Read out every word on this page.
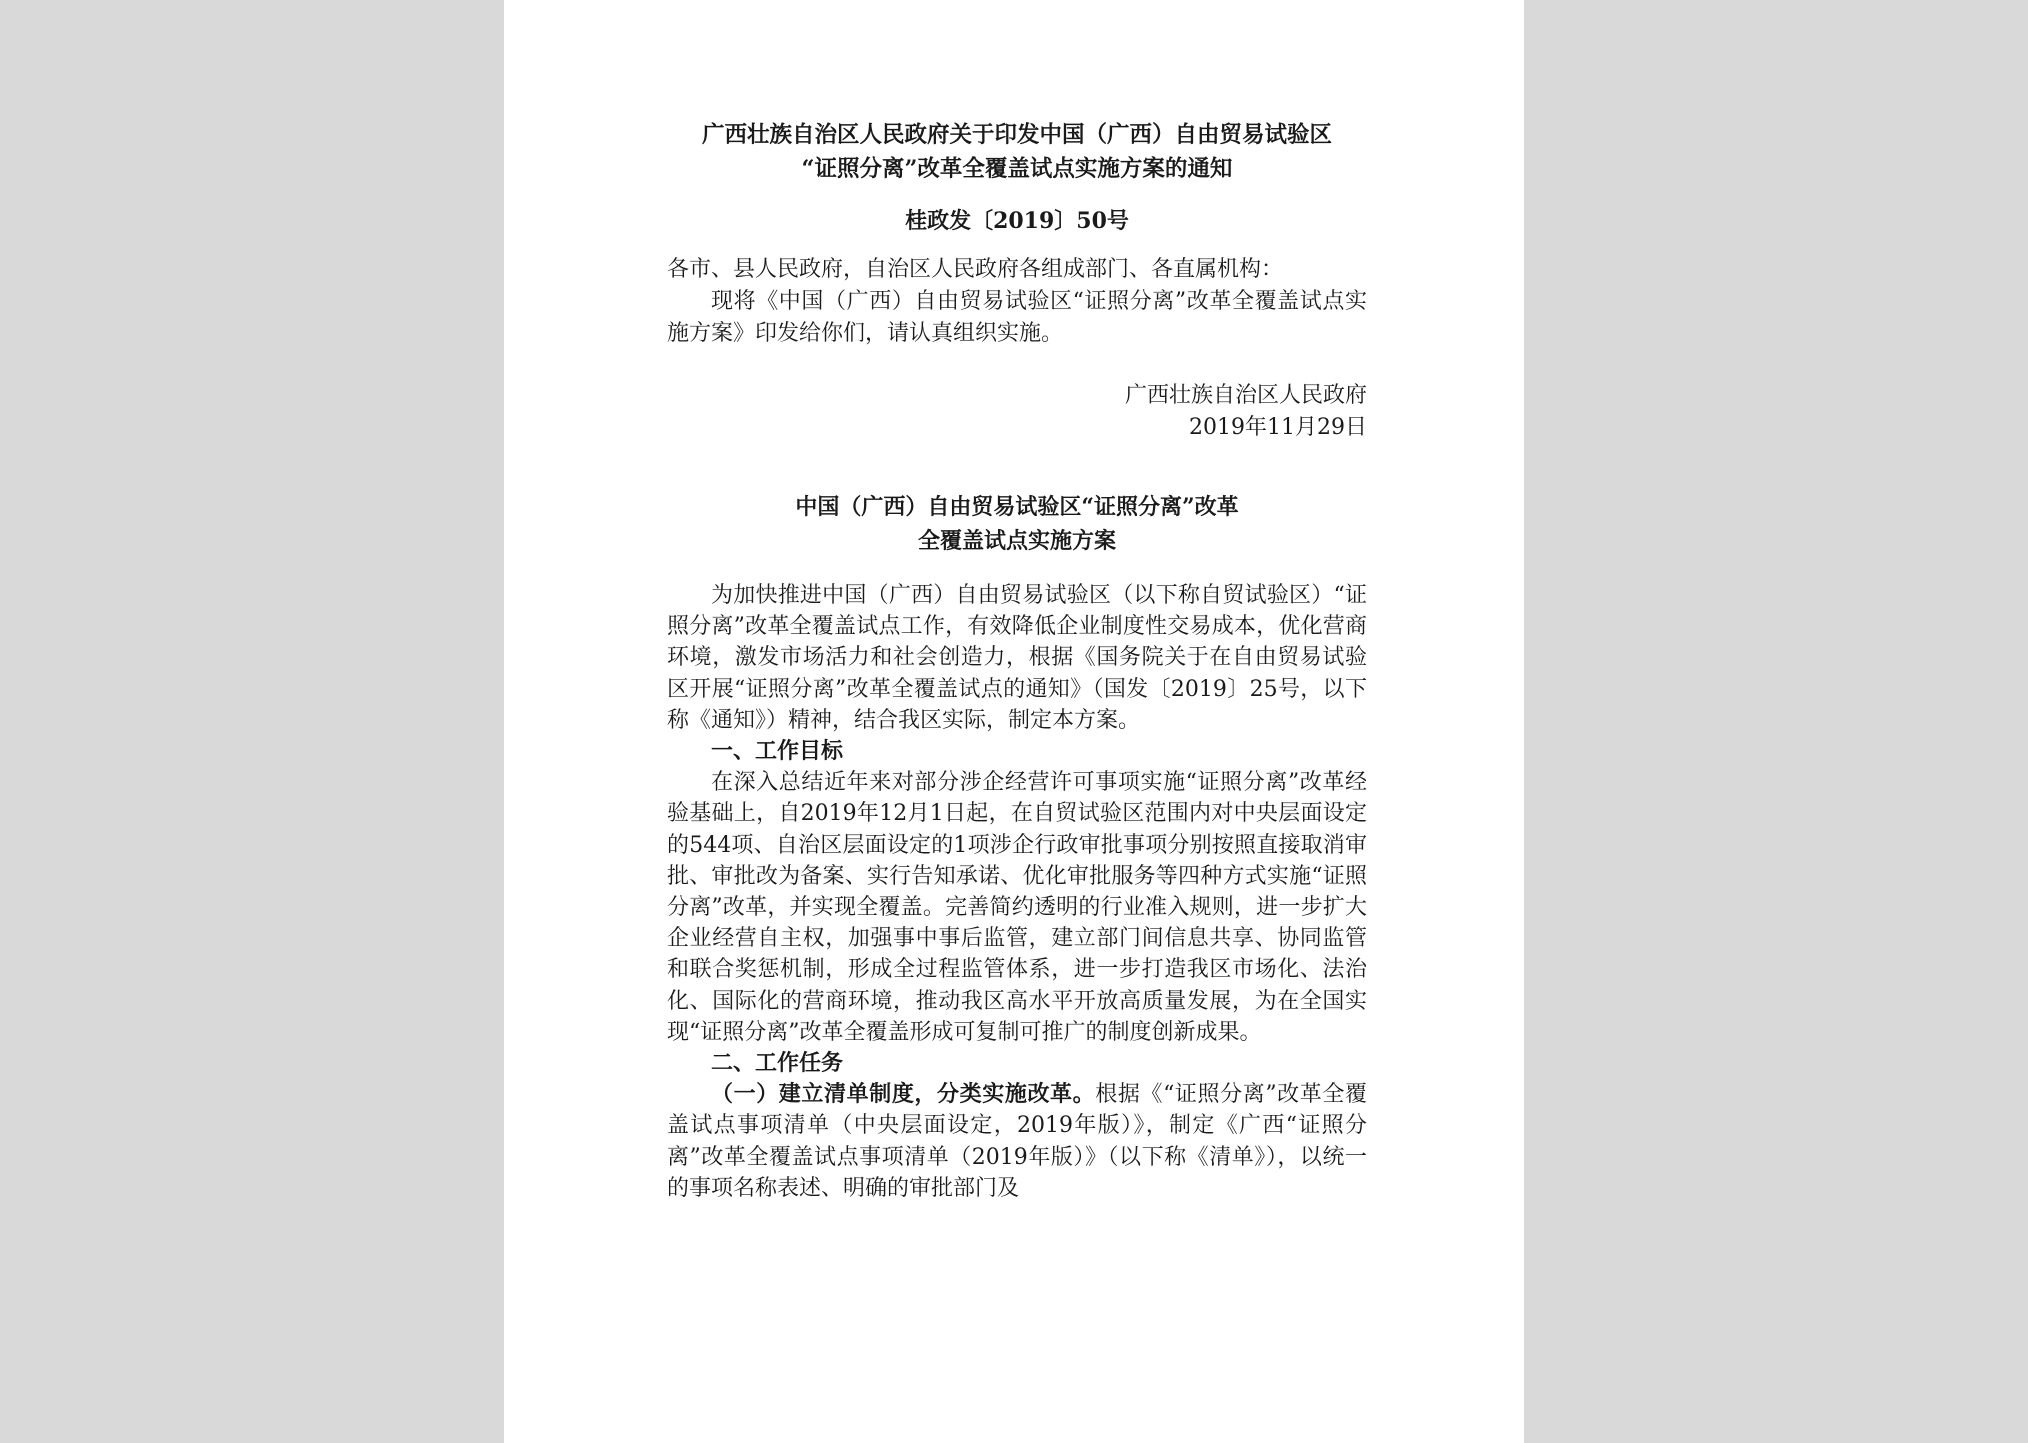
广西壮族自治区人民政府关于印发中国（广西）自由贸易试验区
“证照分离”改革全覆盖试点实施方案的通知
桂政发〔2019〕50号
各市、县人民政府，自治区人民政府各组成部门、各直属机构：

现将《中国（广西）自由贸易试验区“证照分离”改革全覆盖试点实施方案》印发给你们，请认真组织实施。

广西壮族自治区人民政府
2019年11月29日
中国（广西）自由贸易试验区“证照分离”改革
全覆盖试点实施方案

为加快推进中国（广西）自由贸易试验区（以下称自贸试验区）“证照分离”改革全覆盖试点工作，有效降低企业制度性交易成本，优化营商环境，激发市场活力和社会创造力，根据《国务院关于在自由贸易试验区开展“证照分离”改革全覆盖试点的通知》（国发〔2019〕25号，以下称《通知》）精神，结合我区实际，制定本方案。

一、工作目标

在深入总结近年来对部分涉企经营许可事项实施“证照分离”改革经验基础上，自2019年12月1日起，在自贸试验区范围内对中央层面设定的544项、自治区层面设定的1项涉企行政审批事项分别按照直接取消审批、审批改为备案、实行告知承诺、优化审批服务等四种方式实施“证照分离”改革，并实现全覆盖。完善简约透明的行业准入规则，进一步扩大企业经营自主权，加强事中事后监管，建立部门间信息共享、协同监管和联合奖惩机制，形成全过程监管体系，进一步打造我区市场化、法治化、国际化的营商环境，推动我区高水平开放高质量发展，为在全国实现“证照分离”改革全覆盖形成可复制可推广的制度创新成果。

二、工作任务

（一）建立清单制度，分类实施改革。根据《“证照分离”改革全覆盖试点事项清单（中央层面设定，2019年版）》，制定《广西“证照分离”改革全覆盖试点事项清单（2019年版）》（以下称《清单》），以统一的事项名称表述、明确的审批部门及
